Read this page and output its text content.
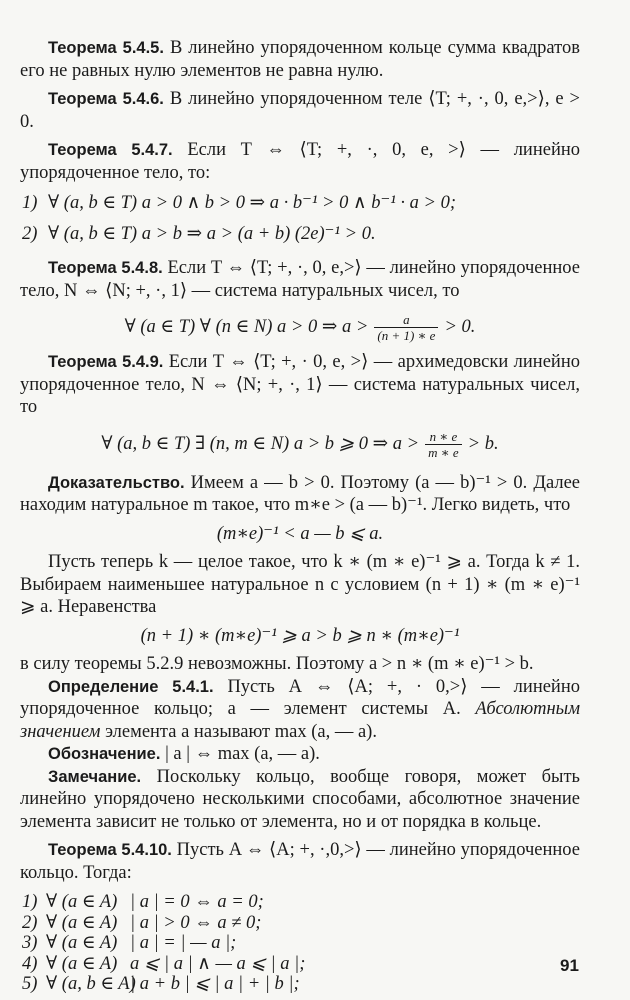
Теорема 5.4.5. В линейно упорядоченном кольце сумма квадратов его не равных нулю элементов не равна нулю.

Теорема 5.4.6. В линейно упорядоченном теле ⟨T; +, ·, 0, e,>⟩, e > 0.

Теорема 5.4.7. Если T ⇔ ⟨T; +, ·, 0, e, >⟩ — линейно упорядоченное тело, то:

1) ∀ (a, b ∈ T) a > 0 ∧ b > 0 ⇒ a · b⁻¹ > 0 ∧ b⁻¹ · a > 0;
2) ∀ (a, b ∈ T) a > b ⇒ a > (a + b) (2e)⁻¹ > 0.

Теорема 5.4.8. Если T ⇔ ⟨T; +, ·, 0, e,>⟩ — линейно упорядоченное тело, N ⇔ ⟨N; +, ·, 1⟩ — система натуральных чисел, то

∀ (a ∈ T) ∀ (n ∈ N) a > 0 ⇒ $a > \frac{a}{(n + 1) ∗ e} > 0$.

Теорема 5.4.9. Если T ⇔ ⟨T; +, · 0, e, >⟩ — архимедовски линейно упорядоченное тело, N ⇔ ⟨N; +, ·, 1⟩ — система натуральных чисел, то

∀ (a, b ∈ T) ∃ (n, m ∈ N) a > b ⩾ 0 ⇒ $a > \frac{n ∗ e}{m ∗ e} > b$.

Доказательство. Имеем a — b > 0. Поэтому (a — b)⁻¹ > 0. Далее находим натуральное m такое, что m∗e > (a — b)⁻¹. Легко видеть, что

(m∗e)⁻¹ < a — b ⩽ a.

Пусть теперь k — целое такое, что k ∗ (m ∗ e)⁻¹ ⩾ a. Тогда k ≠ 1. Выбираем наименьшее натуральное n с условием (n + 1) ∗ (m ∗ e)⁻¹ ⩾ a. Неравенства

(n + 1) ∗ (m∗e)⁻¹ ⩾ a > b ⩾ n ∗ (m∗e)⁻¹

в силу теоремы 5.2.9 невозможны. Поэтому a > n ∗ (m ∗ e)⁻¹ > b.

Определение 5.4.1. Пусть A ⇔ ⟨A; +, · 0,>⟩ — линейно упорядоченное кольцо; a — элемент системы A. Абсолютным значением элемента a называют max (a, — a).

Обозначение. | a | ⇔ max (a, — a).

Замечание. Поскольку кольцо, вообще говоря, может быть линейно упорядочено несколькими способами, абсолютное значение элемента зависит не только от элемента, но и от порядка в кольце.

Теорема 5.4.10. Пусть A ⇔ ⟨A; +, ·,0,>⟩ — линейно упорядоченное кольцо. Тогда:

1) ∀ (a ∈ A) | a | = 0 ⇔ a = 0;
2) ∀ (a ∈ A) | a | > 0 ⇔ a ≠ 0;
3) ∀ (a ∈ A) | a | = | — a |;
4) ∀ (a ∈ A) a ⩽ | a | ∧ — a ⩽ | a |;
5) ∀ (a, b ∈ A)
| a + b | ⩽ | a | + | b |;
91
